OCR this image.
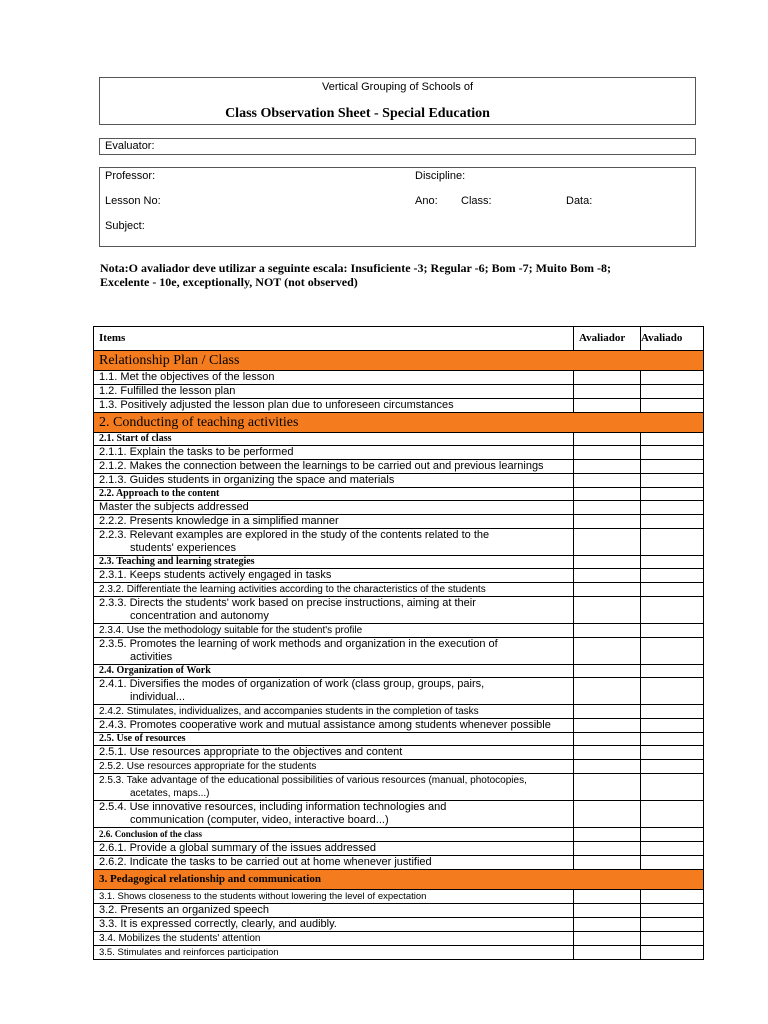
Vertical Grouping of Schools of
Class Observation Sheet - Special Education
Evaluator:
Professor:	Discipline:
Lesson No:	Ano: Class:	Data:
Subject:
Nota:O avaliador deve utilizar a seguinte escala: Insuficiente -3; Regular -6; Bom -7; Muito Bom -8; Excelente - 10e, exceptionally, NOT (not observed)
Items	Avaliador	Avaliado
Relationship Plan / Class		
1.1. Met the objectives of the lesson		
1.2. Fulfilled the lesson plan		
1.3. Positively adjusted the lesson plan due to unforeseen circumstances		
2. Conducting of teaching activities		
2.1. Start of class		
2.1.1. Explain the tasks to be performed		
2.1.2. Makes the connection between the learnings to be carried out and previous learnings		
2.1.3. Guides students in organizing the space and materials		
2.2. Approach to the content		
Master the subjects addressed		
2.2.2. Presents knowledge in a simplified manner		
2.2.3. Relevant examples are explored in the study of the contents related to the
students' experiences		

2.3. Teaching and learning strategies		
2.3.1. Keeps students actively engaged in tasks		
2.3.2. Differentiate the learning activities according to the characteristics of the students		
2.3.3. Directs the students' work based on precise instructions, aiming at their
concentration and autonomy		

2.3.4. Use the methodology suitable for the student's profile		
2.3.5. Promotes the learning of work methods and organization in the execution of
activities		

2.4. Organization of Work		
2.4.1. Diversifies the modes of organization of work (class group, groups, pairs,
individual...		

2.4.2. Stimulates, individualizes, and accompanies students in the completion of tasks		
2.4.3. Promotes cooperative work and mutual assistance among students whenever possible		
2.5. Use of resources		
2.5.1. Use resources appropriate to the objectives and content		
2.5.2. Use resources appropriate for the students		
2.5.3. Take advantage of the educational possibilities of various resources (manual, photocopies,
acetates, maps...)		

2.5.4. Use innovative resources, including information technologies and
communication (computer, video, interactive board...)		

2.6. Conclusion of the class		
2.6.1. Provide a global summary of the issues addressed		
2.6.2. Indicate the tasks to be carried out at home whenever justified		
3. Pedagogical relationship and communication		
3.1. Shows closeness to the students without lowering the level of expectation		
3.2. Presents an organized speech		
3.3. It is expressed correctly, clearly, and audibly.		
3.4. Mobilizes the students' attention		
3.5. Stimulates and reinforces participation		
